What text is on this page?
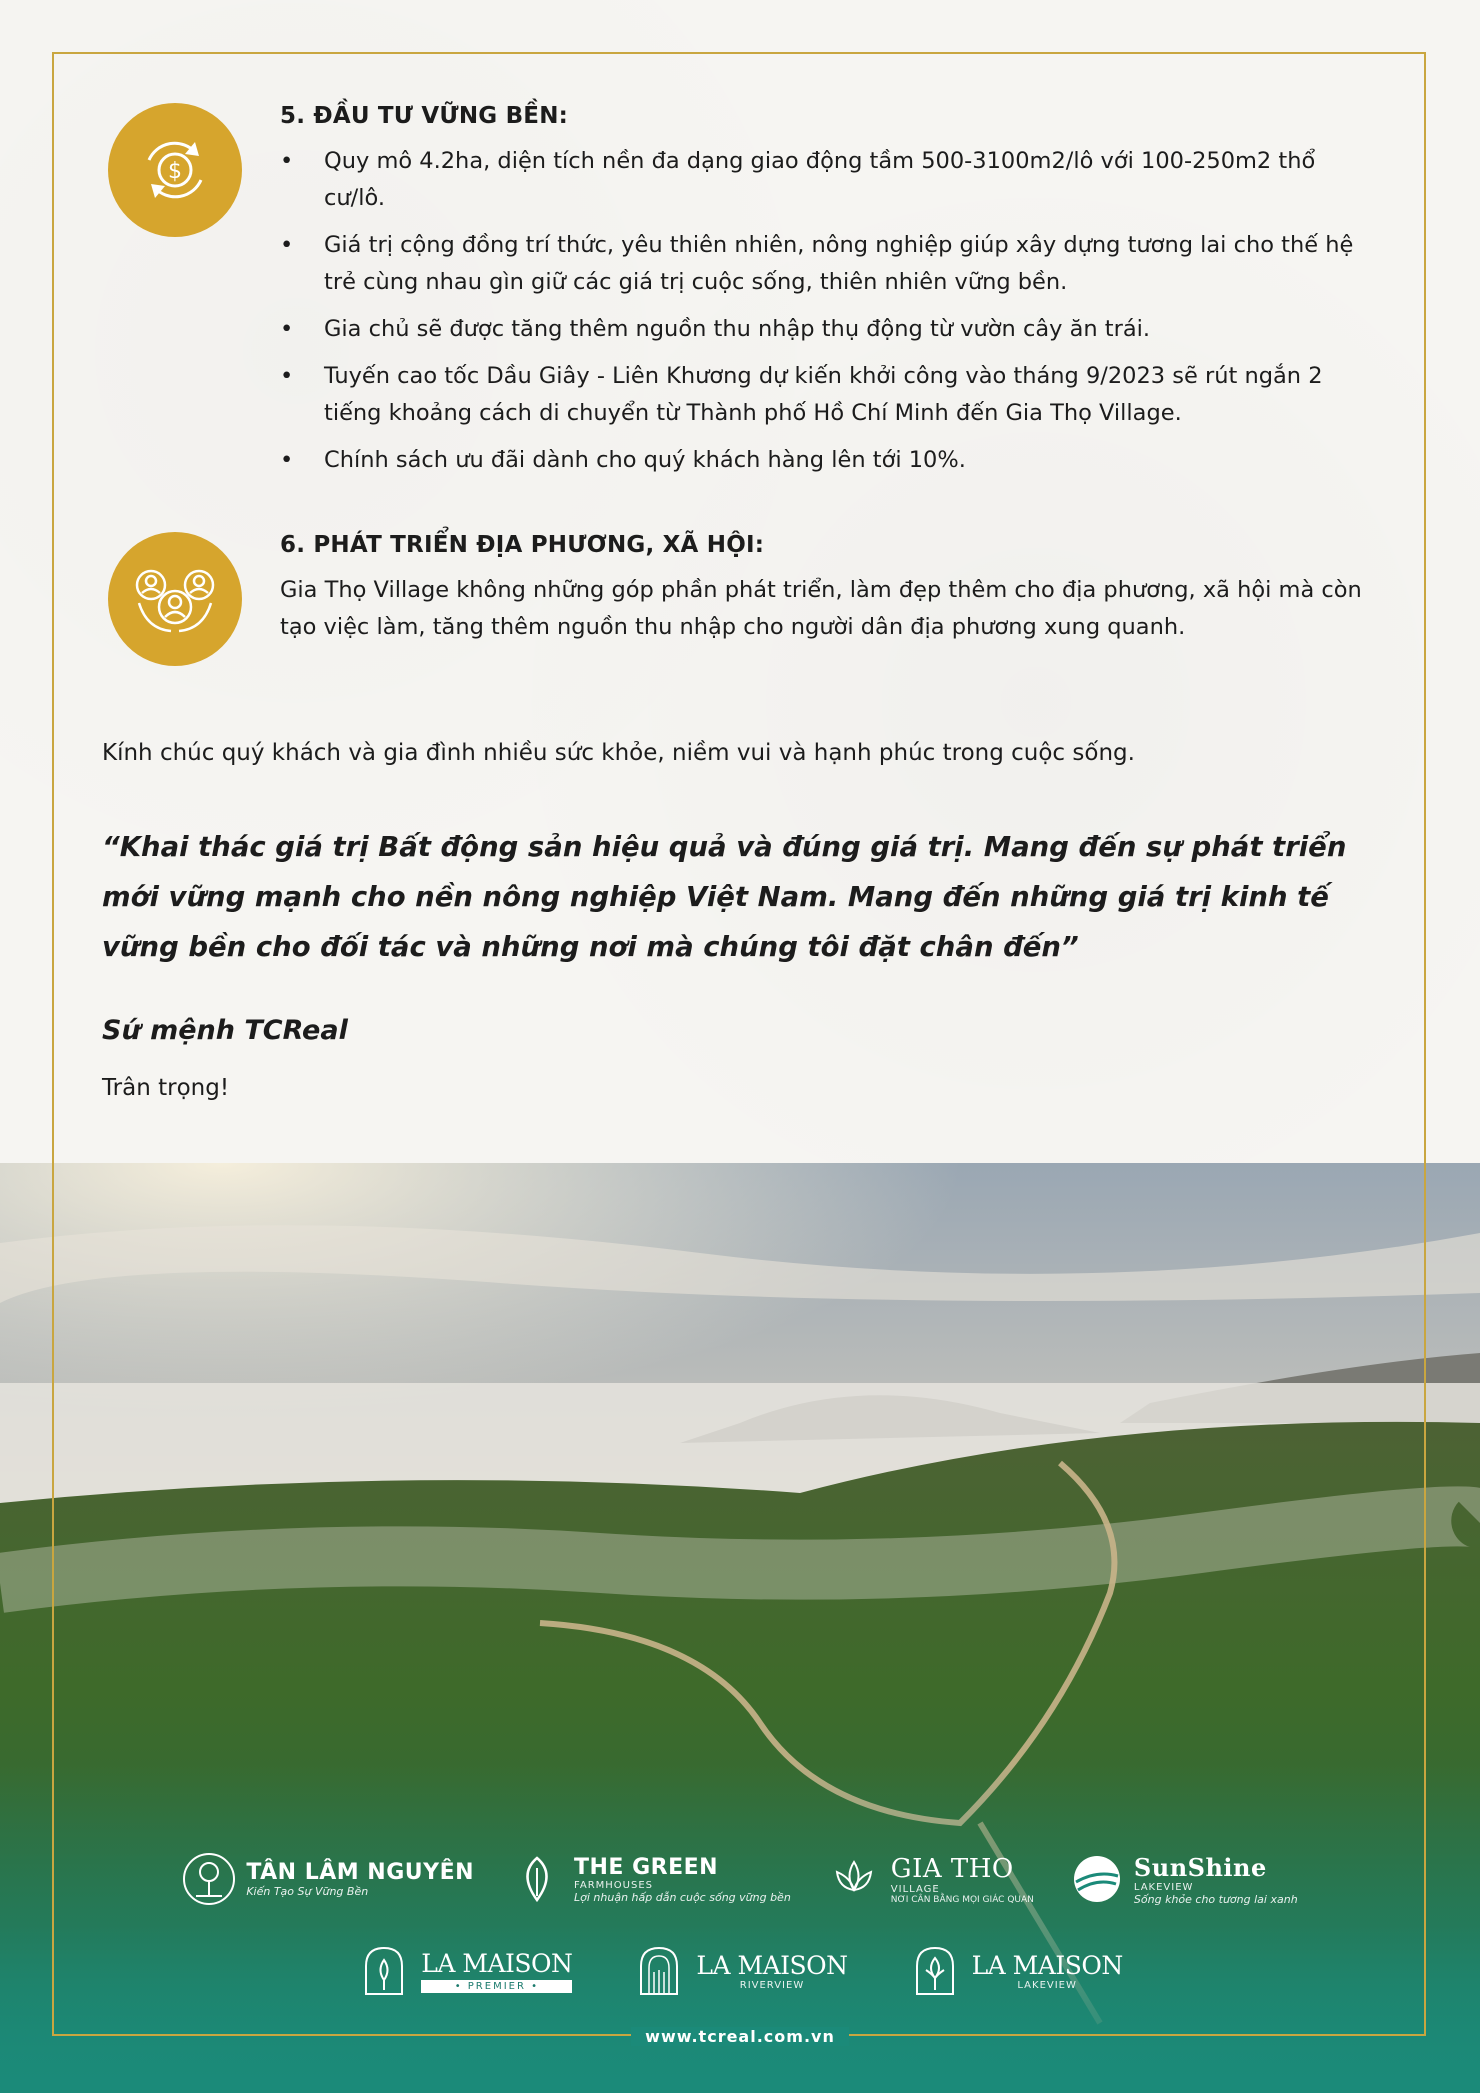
$

5. ĐẦU TƯ VỮNG BỀN:

• Quy mô 4.2ha, diện tích nền đa dạng giao động tầm 500-3100m2/lô với 100-250m2 thổ cư/lô.
• Giá trị cộng đồng trí thức, yêu thiên nhiên, nông nghiệp giúp xây dựng tương lai cho thế hệ trẻ cùng nhau gìn giữ các giá trị cuộc sống, thiên nhiên vững bền.
• Gia chủ sẽ được tăng thêm nguồn thu nhập thụ động từ vườn cây ăn trái.
• Tuyến cao tốc Dầu Giây - Liên Khương dự kiến khởi công vào tháng 9/2023 sẽ rút ngắn 2 tiếng khoảng cách di chuyển từ Thành phố Hồ Chí Minh đến Gia Thọ Village.
• Chính sách ưu đãi dành cho quý khách hàng lên tới 10%.

6. PHÁT TRIỂN ĐỊA PHƯƠNG, XÃ HỘI:

Gia Thọ Village không những góp phần phát triển, làm đẹp thêm cho địa phương, xã hội mà còn tạo việc làm, tăng thêm nguồn thu nhập cho người dân địa phương xung quanh.

Kính chúc quý khách và gia đình nhiều sức khỏe, niềm vui và hạnh phúc trong cuộc sống.
“Khai thác giá trị Bất động sản hiệu quả và đúng giá trị. Mang đến sự phát triển mới vững mạnh cho nền nông nghiệp Việt Nam. Mang đến những giá trị kinh tế vững bền cho đối tác và những nơi mà chúng tôi đặt chân đến”
Sứ mệnh TCReal
Trân trọng!
TÂN LÂM NGUYÊN
Kiến Tạo Sự Vững Bền
THE GREEN
FARMHOUSES
Lợi nhuận hấp dẫn cuộc sống vững bền
GIA THO
VILLAGE
NƠI CÂN BẰNG MỌI GIÁC QUAN
SunShine
LAKEVIEW
Sống khỏe cho tương lai xanh
LA MAISON
• PREMIER •
LA MAISON
RIVERVIEW
LA MAISON
LAKEVIEW
www.tcreal.com.vn
